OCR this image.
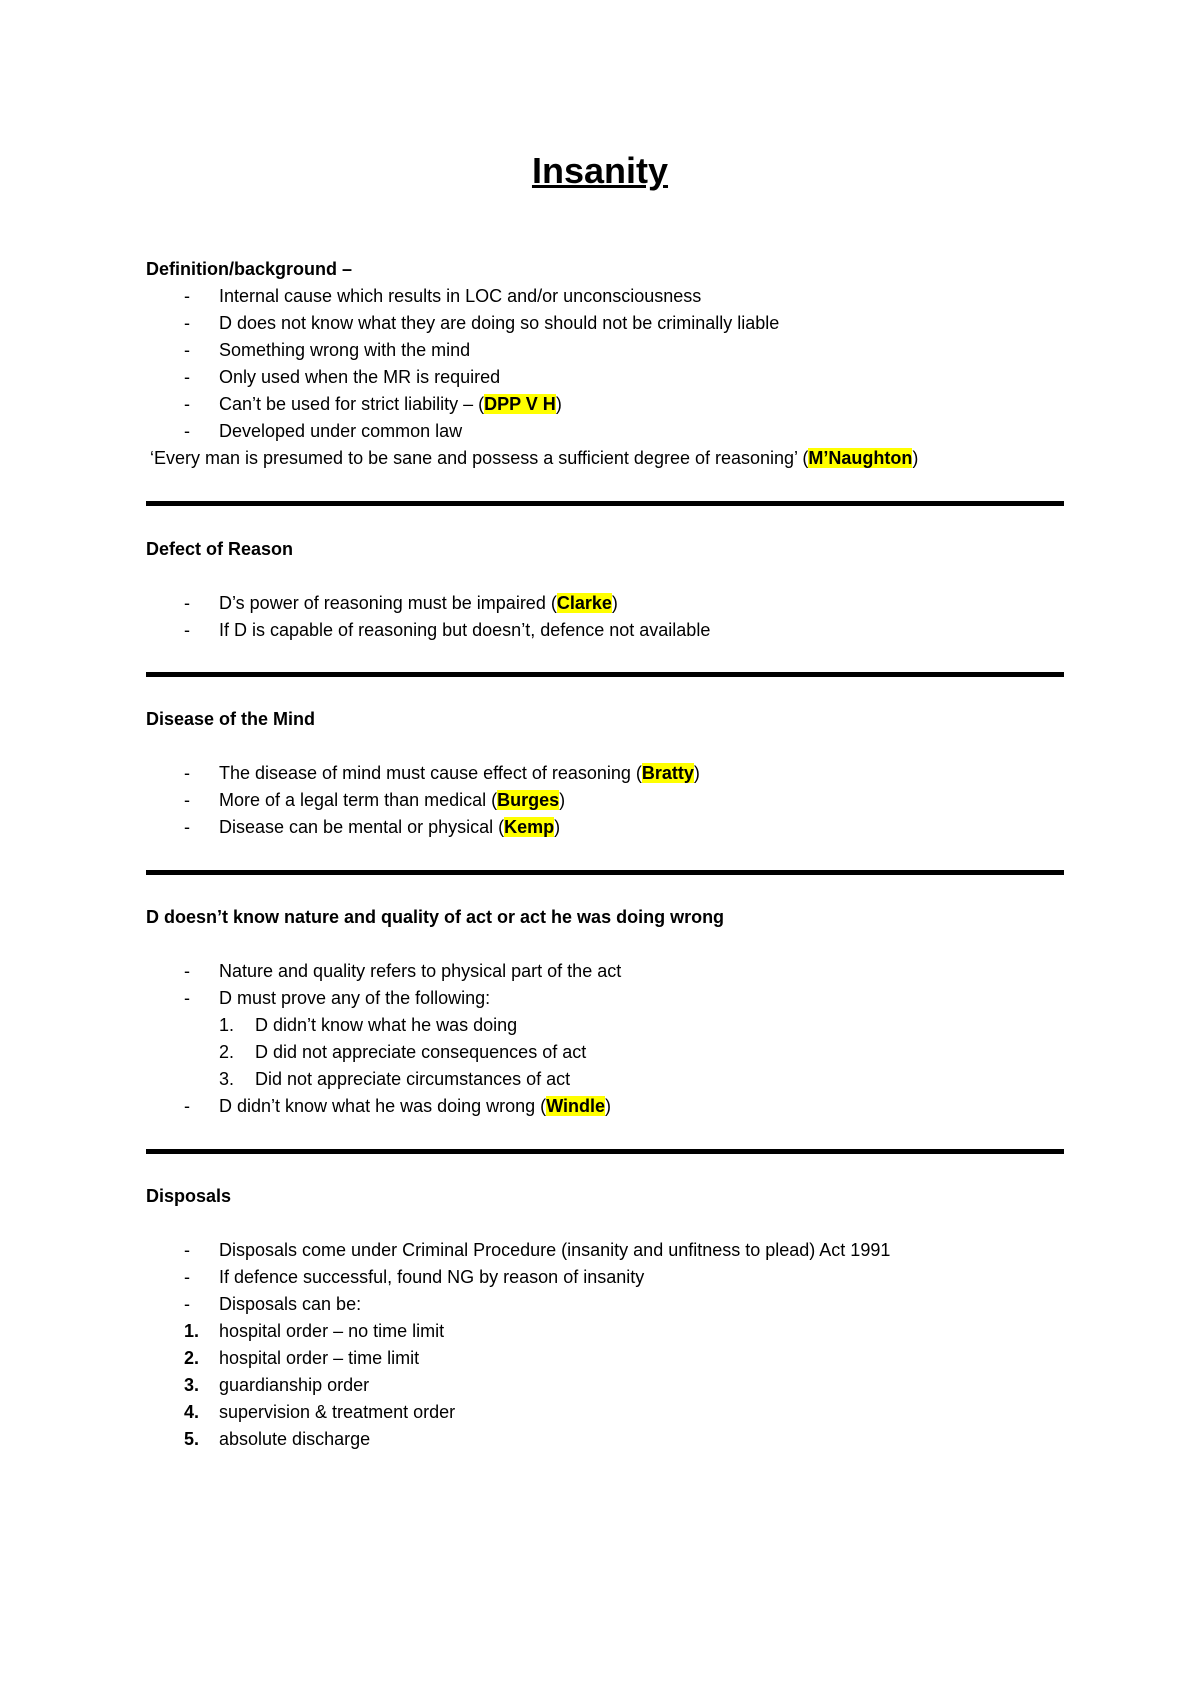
Insanity
Definition/background –
- Internal cause which results in LOC and/or unconsciousness
- D does not know what they are doing so should not be criminally liable
- Something wrong with the mind
- Only used when the MR is required
- Can’t be used for strict liability – (DPP V H)
- Developed under common law
‘Every man is presumed to be sane and possess a sufficient degree of reasoning’ (M’Naughton)
Defect of Reason
- D’s power of reasoning must be impaired (Clarke)
- If D is capable of reasoning but doesn’t, defence not available
Disease of the Mind
- The disease of mind must cause effect of reasoning (Bratty)
- More of a legal term than medical (Burges)
- Disease can be mental or physical (Kemp)
D doesn’t know nature and quality of act or act he was doing wrong
- Nature and quality refers to physical part of the act
- D must prove any of the following:
1. D didn’t know what he was doing
2. D did not appreciate consequences of act
3. Did not appreciate circumstances of act
- D didn’t know what he was doing wrong (Windle)
Disposals
- Disposals come under Criminal Procedure (insanity and unfitness to plead) Act 1991
- If defence successful, found NG by reason of insanity
- Disposals can be:
1. hospital order – no time limit
2. hospital order – time limit
3. guardianship order
4. supervision & treatment order
5. absolute discharge
